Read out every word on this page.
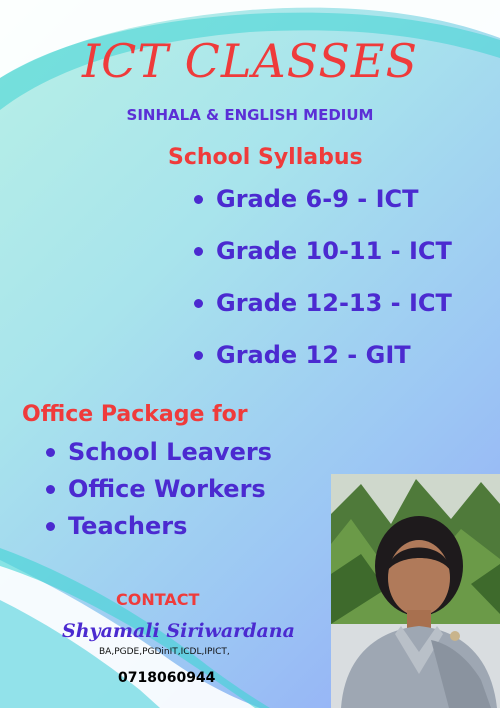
ICT CLASSES
SINHALA & ENGLISH MEDIUM
School Syllabus
Grade 6-9 - ICT
Grade 10-11 - ICT
Grade 12-13 - ICT
Grade 12 - GIT
Office Package for
School Leavers
Office Workers
Teachers
CONTACT
Shyamali Siriwardana
BA,PGDE,PGDinIT,ICDL,IPICT,
0718060944
